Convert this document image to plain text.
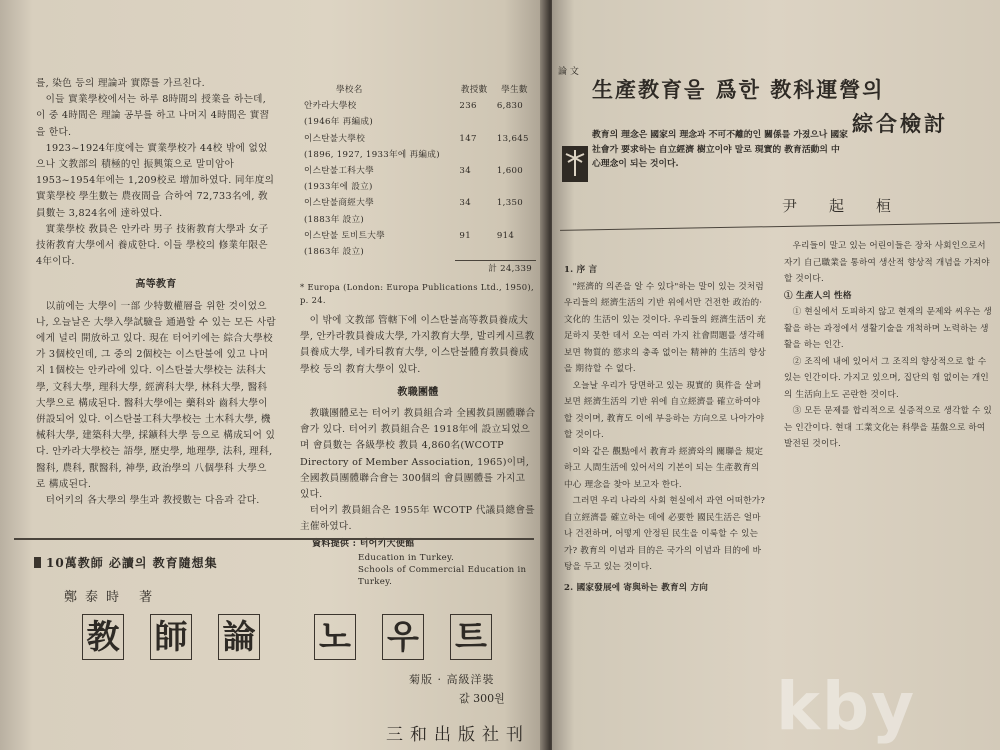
를, 染色 등의 理論과 實際를 가르친다.

이들 實業學校에서는 하루 8時間의 授業을 하는데, 이 중 4時間은 理論 공부를 하고 나머지 4時間은 實習을 한다.

1923~1924年度에는 實業學校가 44校 밖에 없었으나 文教部의 積極的인 振興策으로 말미암아 1953~1954年에는 1,209校로 增加하였다. 同年度의 實業學校 學生數는 農夜間을 合하여 72,733名에, 敎員數는 3,824名에 達하였다.

實業學校 敎員은 안카라 男子 技術教育大學과 女子 技術教育大學에서 養成한다. 이들 學校의 修業年限은 4年이다.

高等教育

以前에는 大學이 一部 少特數權層을 위한 것이었으나, 오늘날은 大學入學試驗을 通過할 수 있는 모든 사람에게 널리 開放하고 있다. 現在 터어키에는 綜合大學校가 3個校인데, 그 중의 2個校는 이스탄불에 있고 나머지 1個校는 안카라에 있다. 이스탄불大學校는 法科大學, 文科大學, 理科大學, 經濟科大學, 林科大學, 醫科大學으로 構成된다. 醫科大學에는 藥科와 齒科大學이 倂設되어 있다. 이스탄불工科大學校는 土木科大學, 機械科大學, 建築科大學, 採鑛科大學 등으로 構成되어 있다. 안카라大學校는 語學, 歷史學, 地理學, 法科, 理科, 醫科, 農科, 獸醫科, 神學, 政治學의 八個學科 大學으로 構成된다.

터어키의 各大學의 學生과 教授數는 다음과 같다.

學校名	教授數	學生數
안카라大學校
(1946年 再編成)	236	6,830
이스탄불大學校
(1896, 1927, 1933年에 再編成)	147	13,645
이스탄불工科大學
(1933年에 設立)	34	1,600
이스탄불商經大學
(1883年 設立)	34	1,350
이스탄불 토비트大學
(1863年 設立)	91	914
	計 24,339	

* Europa (London: Europa Publications Ltd., 1950), p. 24.

이 밖에 文教部 管轄下에 이스탄불高等教員養成大學, 안카라教員養成大學, 가지教育大學, 발리케시르教員養成大學, 네카티教育大學, 이스탄불體育教員養成學校 등의 教育大學이 있다.

教職團體

教職團體로는 터어키 教員組合과 全國教員團體聯合會가 있다. 터어키 教員組合은 1918年에 設立되었으며 會員數는 各級學校 教員 4,860名(WCOTP Directory of Member Association, 1965)이며, 全國教員團體聯合會는 300個의 會員團體를 가지고 있다.

터어키 教員組合은 1955年 WCOTP 代議員總會를 主催하였다.

資料提供 : 터어키大使館

Education in Turkey.

Schools of Commercial Education in Turkey.

10萬教師 必讀의 教育隨想集
鄭泰時 著
教 師 論 노 우 트
菊版 · 高級洋裝
값 300원
三和出版社刊
論 文
生產教育을 爲한 教科運營의
綜合檢討
教育의 理念은 國家의 理念과 不可不離的인 關係를 가졌으나 國家社會가 要求하는 自立經濟 樹立이야 말로 現實的 教育活動의 中心理念이 되는 것이다.
尹起桓

1. 序 言

"經濟的 의존을 알 수 있다"하는 말이 있는 것처럼 우리들의 經濟生活의 기반 위에서만 건전한 政治的·文化的 生活이 있는 것이다. 우리들의 經濟生活이 充足하지 못한 데서 오는 여러 가지 社會問題를 생각해 보면 物質的 慾求의 충족 없이는 精神的 生活의 향상을 期待할 수 없다.

오늘날 우리가 당면하고 있는 現實的 與件을 살펴 보면 經濟生活의 기반 위에 自立經濟를 確立하여야 할 것이며, 教育도 이에 부응하는 方向으로 나아가야 할 것이다.

이와 같은 觀點에서 教育과 經濟와의 關聯을 規定하고 人間生活에 있어서의 기본이 되는 生產教育의 中心 理念을 찾아 보고자 한다.

그러면 우리 나라의 사회 현실에서 과연 어떠한가? 自立經濟를 確立하는 데에 必要한 國民生活은 얼마나 건전하며, 어떻게 안정된 民生을 이룩할 수 있는가? 教育의 이념과 目的은 국가의 이념과 目的에 바탕을 두고 있는 것이다.

2. 國家發展에 寄與하는 教育의 方向

우리들이 말고 있는 어린이들은 장차 사회인으로서 자기 自己職業을 통하여 생산적 향상적 개념을 가져야 할 것이다.

① 生產人의 性格

① 현실에서 도피하지 않고 현재의 문제와 씨우는 생활을 하는 과정에서 생활기술을 개척하며 노력하는 생활을 하는 인간.

② 조직에 내에 있어서 그 조직의 향상적으로 할 수 있는 인간이다. 가지고 있으며, 집단의 힘 없이는 개인의 生活向上도 곤란한 것이다.

③ 모든 문제를 합리적으로 실증적으로 생각할 수 있는 인간이다. 현대 工業文化는 科學을 基盤으로 하여 발전된 것이다.

kby
